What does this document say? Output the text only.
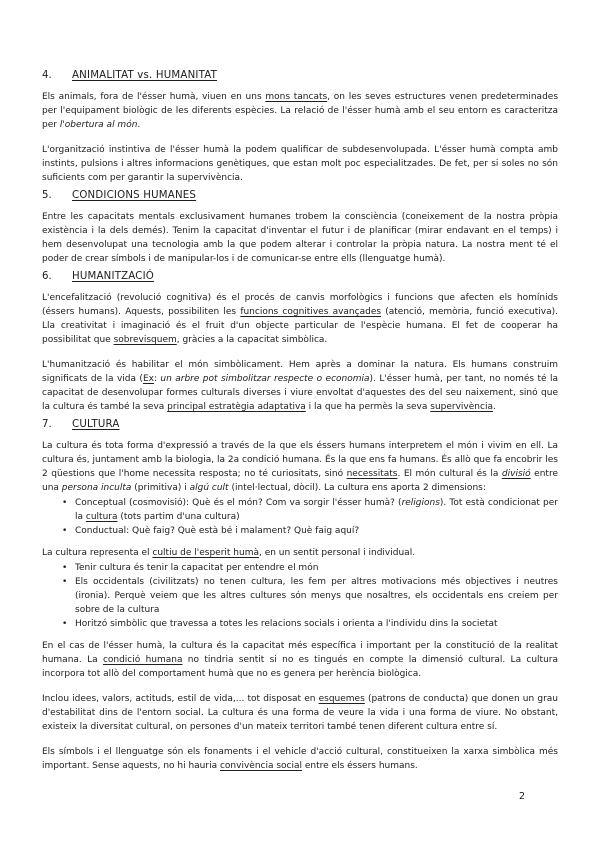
4. ANIMALITAT vs. HUMANITAT

Els animals, fora de l'ésser humà, viuen en uns mons tancats, on les seves estructures venen predeterminades per l'equipament biològic de les diferents espècies. La relació de l'ésser humà amb el seu entorn es caracteritza per l'obertura al món.

L'organització instintiva de l'ésser humà la podem qualificar de subdesenvolupada. L'ésser humà compta amb instints, pulsions i altres informacions genètiques, que estan molt poc especialitzades. De fet, per si soles no són suficients com per garantir la supervivència.

5. CONDICIONS HUMANES

Entre les capacitats mentals exclusivament humanes trobem la consciència (coneixement de la nostra pròpia existència i la dels demés). Tenim la capacitat d'inventar el futur i de planificar (mirar endavant en el temps) i hem desenvolupat una tecnologia amb la que podem alterar i controlar la pròpia natura. La nostra ment té el poder de crear símbols i de manipular-los i de comunicar-se entre ells (llenguatge humà).

6. HUMANITZACIÓ

L'encefalització (revolució cognitiva) és el procés de canvis morfològics i funcions que afecten els homínids (éssers humans). Aquests, possibiliten les funcions cognitives avançades (atenció, memòria, funció executiva). Lla creativitat i imaginació és el fruit d'un objecte particular de l'espècie humana. El fet de cooperar ha possibilitat que sobrevisquem, gràcies a la capacitat simbòlica.

L'humanització és habilitar el món simbòlicament. Hem après a dominar la natura. Els humans construim significats de la vida (Ex: un arbre pot simbolitzar respecte o economia). L'ésser humà, per tant, no només té la capacitat de desenvolupar formes culturals diverses i viure envoltat d'aquestes des del seu naixement, sinó que la cultura és també la seva principal estratègia adaptativa i la que ha permès la seva supervivència.

7. CULTURA

La cultura és tota forma d'expressió a través de la que els éssers humans interpretem el món i vivim en ell. La cultura és, juntament amb la biologia, la 2a condició humana. És la que ens fa humans. És allò que fa encobrir les 2 qüestions que l'home necessita resposta; no té curiositats, sinó necessitats. El món cultural és la divisió entre una persona inculta (primitiva) i algú cult (intel·lectual, dòcil). La cultura ens aporta 2 dimensions:

• Conceptual (cosmovisió): Què és el món? Com va sorgir l'ésser humà? (religions). Tot està condicionat per la cultura (tots partim d'una cultura)
• Conductual: Què faig? Què està bé i malament? Què faig aquí?

La cultura representa el cultiu de l'esperit humà, en un sentit personal i individual.

• Tenir cultura és tenir la capacitat per entendre el món
• Els occidentals (civilitzats) no tenen cultura, les fem per altres motivacions més objectives i neutres (ironia). Perquè veiem que les altres cultures són menys que nosaltres, els occidentals ens creiem per sobre de la cultura
• Horitzó simbòlic que travessa a totes les relacions socials i orienta a l'individu dins la societat

En el cas de l'ésser humà, la cultura és la capacitat més específica i important per la constitució de la realitat humana. La condició humana no tindria sentit si no es tingués en compte la dimensió cultural. La cultura incorpora tot allò del comportament humà que no es genera per herència biològica.

Inclou idees, valors, actituds, estil de vida,... tot disposat en esquemes (patrons de conducta) que donen un grau d'estabilitat dins de l'entorn social. La cultura és una forma de veure la vida i una forma de viure. No obstant, existeix la diversitat cultural, on persones d'un mateix territori també tenen diferent cultura entre sí.

Els símbols i el llenguatge són els fonaments i el vehicle d'acció cultural, constitueixen la xarxa simbòlica més important. Sense aquests, no hi hauria convivència social entre els éssers humans.

2
